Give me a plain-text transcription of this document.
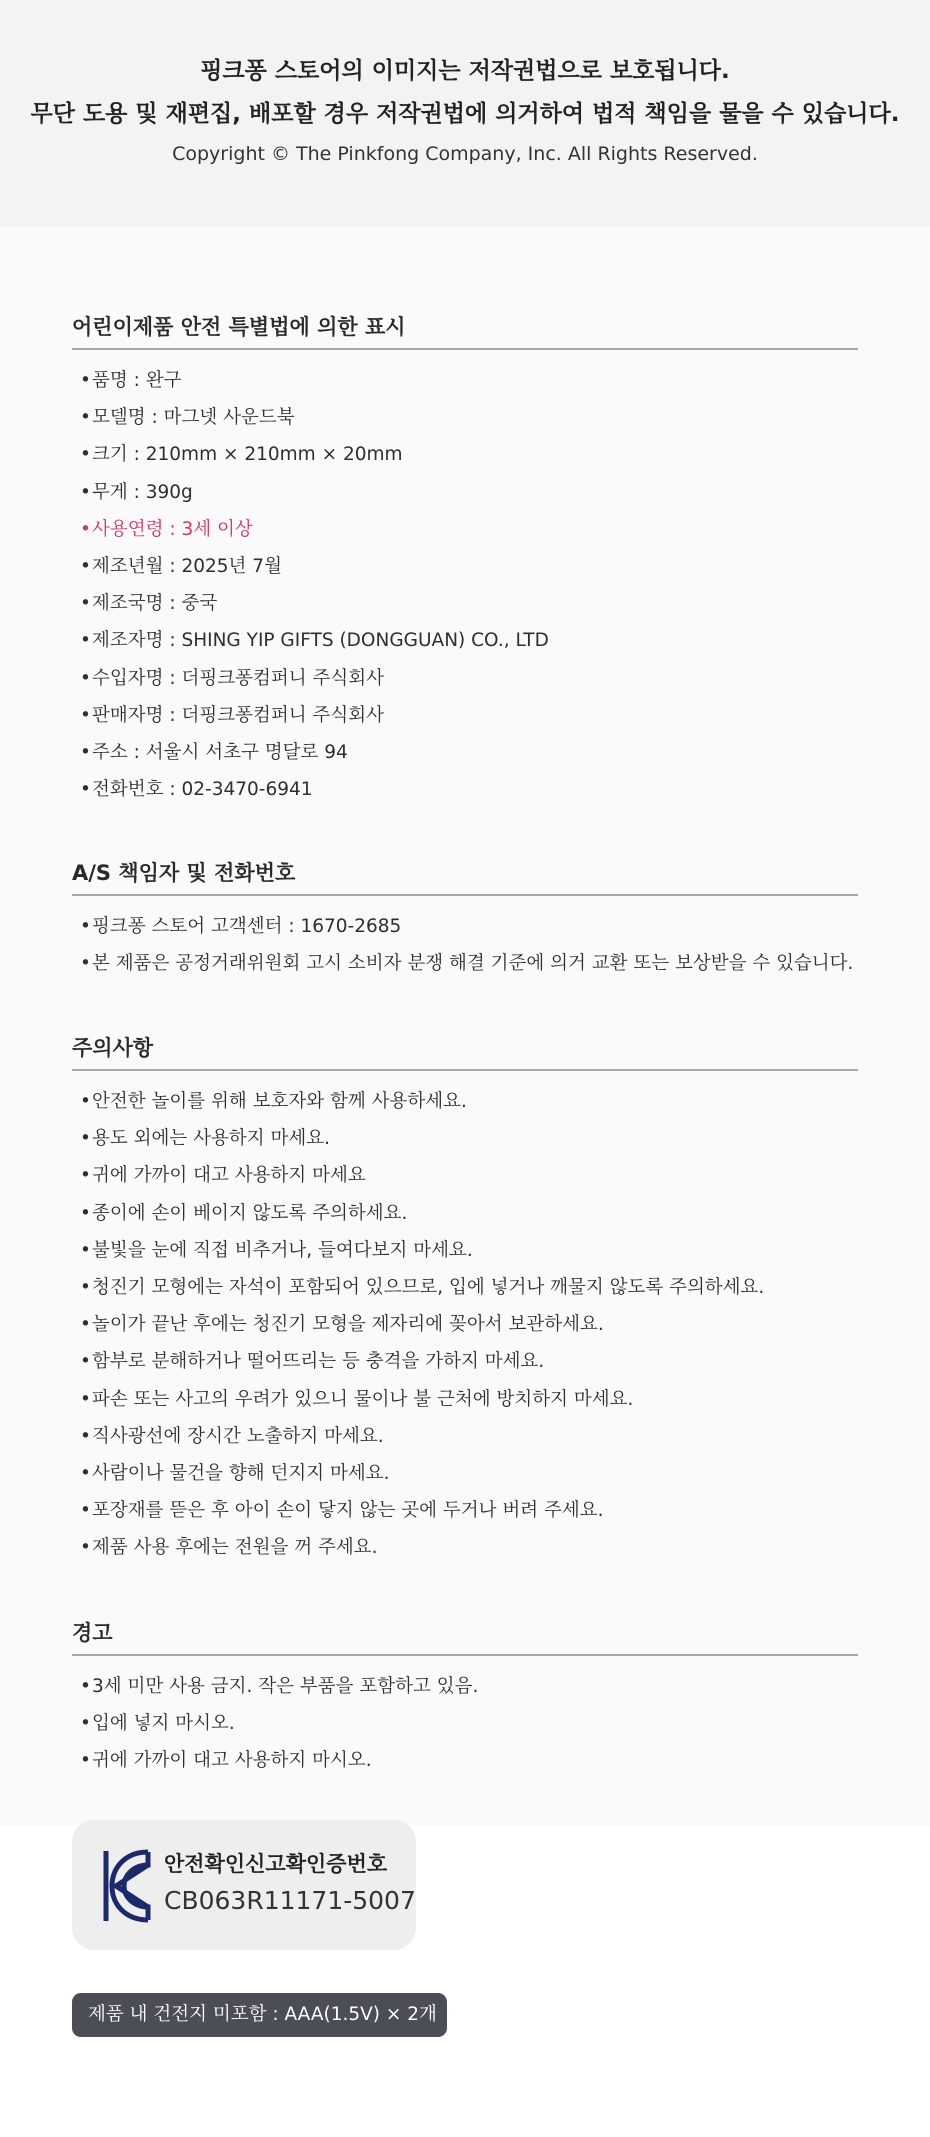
핑크퐁 스토어의 이미지는 저작권법으로 보호됩니다.
무단 도용 및 재편집, 배포할 경우 저작권법에 의거하여 법적 책임을 물을 수 있습니다.
Copyright © The Pinkfong Company, Inc. All Rights Reserved.
어린이제품 안전 특별법에 의한 표시
•품명 : 완구
•모델명 : 마그넷 사운드북
•크기 : 210mm × 210mm × 20mm
•무게 : 390g
•사용연령 : 3세 이상
•제조년월 : 2025년 7월
•제조국명 : 중국
•제조자명 : SHING YIP GIFTS (DONGGUAN) CO., LTD
•수입자명 : 더핑크퐁컴퍼니 주식회사
•판매자명 : 더핑크퐁컴퍼니 주식회사
•주소 : 서울시 서초구 명달로 94
•전화번호 : 02-3470-6941
A/S 책임자 및 전화번호
•핑크퐁 스토어 고객센터 : 1670-2685
•본 제품은 공정거래위원회 고시 소비자 분쟁 해결 기준에 의거 교환 또는 보상받을 수 있습니다.
주의사항
•안전한 놀이를 위해 보호자와 함께 사용하세요.
•용도 외에는 사용하지 마세요.
•귀에 가까이 대고 사용하지 마세요
•종이에 손이 베이지 않도록 주의하세요.
•불빛을 눈에 직접 비추거나, 들여다보지 마세요.
•청진기 모형에는 자석이 포함되어 있으므로, 입에 넣거나 깨물지 않도록 주의하세요.
•놀이가 끝난 후에는 청진기 모형을 제자리에 꽂아서 보관하세요.
•함부로 분해하거나 떨어뜨리는 등 충격을 가하지 마세요.
•파손 또는 사고의 우려가 있으니 물이나 불 근처에 방치하지 마세요.
•직사광선에 장시간 노출하지 마세요.
•사람이나 물건을 향해 던지지 마세요.
•포장재를 뜯은 후 아이 손이 닿지 않는 곳에 두거나 버려 주세요.
•제품 사용 후에는 전원을 꺼 주세요.
경고
•3세 미만 사용 금지. 작은 부품을 포함하고 있음.
•입에 넣지 마시오.
•귀에 가까이 대고 사용하지 마시오.
안전확인신고확인증번호
CB063R11171-5007
제품 내 건전지 미포함 : AAA(1.5V) × 2개
